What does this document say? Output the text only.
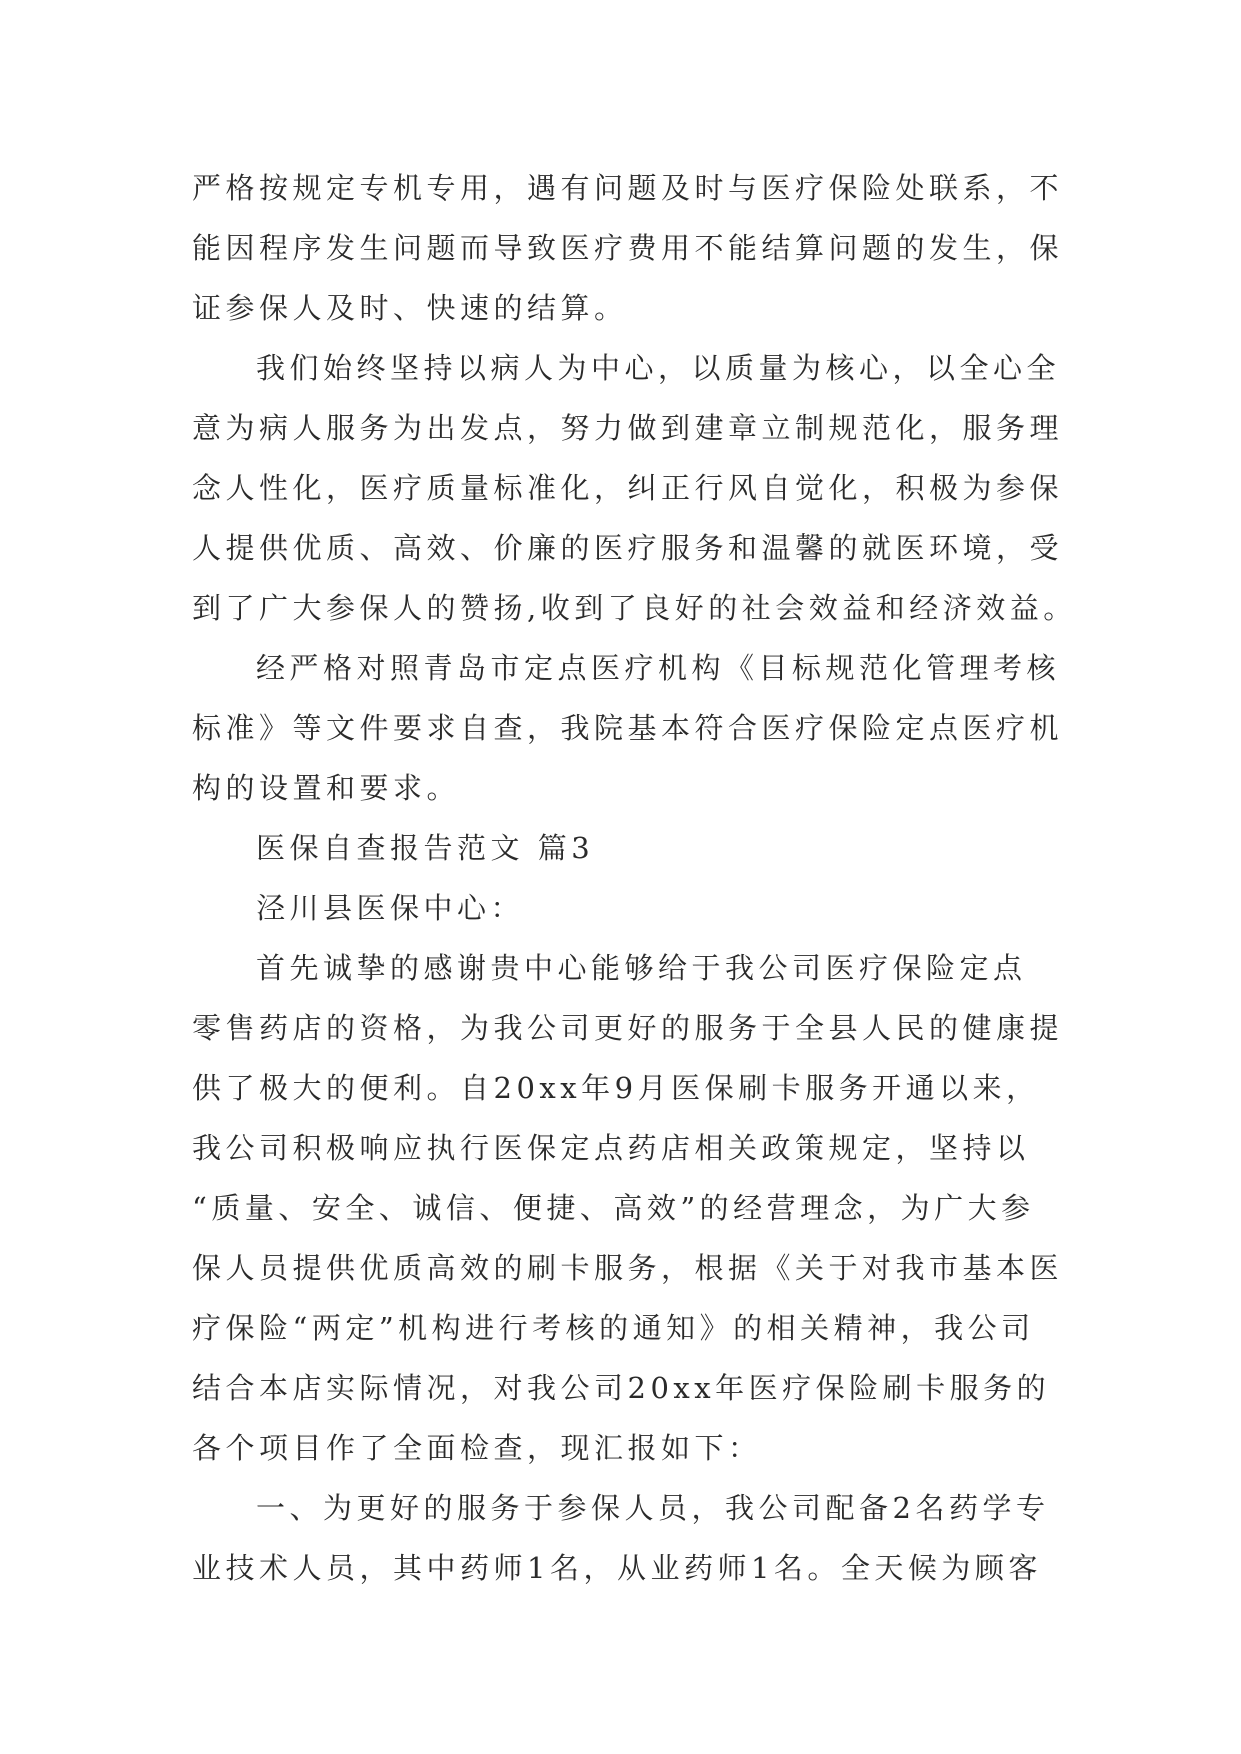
严格按规定专机专用，遇有问题及时与医疗保险处联系，不
能因程序发生问题而导致医疗费用不能结算问题的发生，保
证参保人及时、快速的结算。
我们始终坚持以病人为中心，以质量为核心，以全心全
意为病人服务为出发点，努力做到建章立制规范化，服务理
念人性化，医疗质量标准化，纠正行风自觉化，积极为参保
人提供优质、高效、价廉的医疗服务和温馨的就医环境，受
到了广大参保人的赞扬,收到了良好的社会效益和经济效益。
经严格对照青岛市定点医疗机构《目标规范化管理考核
标准》等文件要求自查，我院基本符合医疗保险定点医疗机
构的设置和要求。
医保自查报告范文 篇3
泾川县医保中心：
首先诚挚的感谢贵中心能够给于我公司医疗保险定点
零售药店的资格，为我公司更好的服务于全县人民的健康提
供了极大的便利。自20xx年9月医保刷卡服务开通以来，
我公司积极响应执行医保定点药店相关政策规定，坚持以
“质量、安全、诚信、便捷、高效”的经营理念，为广大参
保人员提供优质高效的刷卡服务，根据《关于对我市基本医
疗保险“两定”机构进行考核的通知》的相关精神，我公司
结合本店实际情况，对我公司20xx年医疗保险刷卡服务的
各个项目作了全面检查，现汇报如下：
一、为更好的服务于参保人员，我公司配备2名药学专
业技术人员，其中药师1名，从业药师1名。全天候为顾客
